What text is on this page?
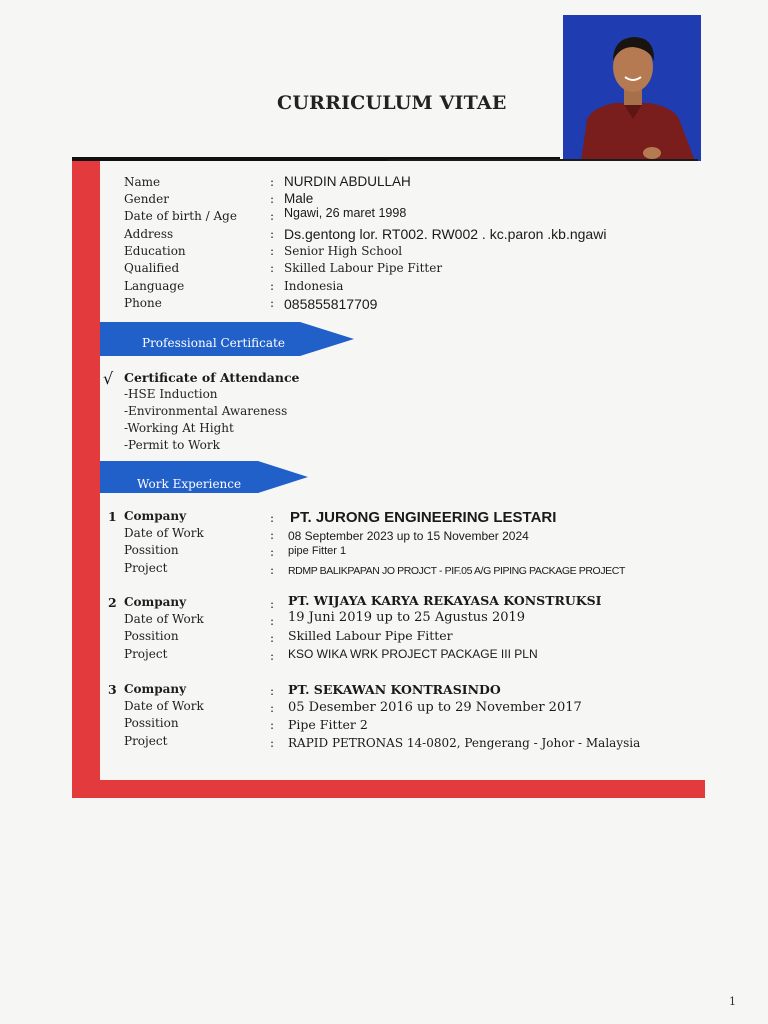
CURRICULUM VITAE
Name	: NURDIN ABDULLAH
Gender	: Male
Date of birth / Age	: Ngawi, 26 maret 1998
Address	: Ds.gentong lor. RT002. RW002 . kc.paron .kb.ngawi
Education	: Senior High School
Qualified	: Skilled Labour Pipe Fitter
Language	: Indonesia
Phone	: 085855817709
Professional Certificate
√ Certificate of Attendance
-HSE Induction
-Environmental Awareness
-Working At Hight
-Permit to Work
Work Experience
1 Company	: PT. JURONG ENGINEERING LESTARI
Date of Work	: 08 September 2023 up to 15 November 2024
Possition	: pipe Fitter 1
Project	: RDMP BALIKPAPAN JO PROJCT - PIF.05 A/G PIPING PACKAGE PROJECT
2 Company	: PT. WIJAYA KARYA REKAYASA KONSTRUKSI
Date of Work	: 19 Juni 2019 up to 25 Agustus 2019
Possition	: Skilled Labour Pipe Fitter
Project	: KSO WIKA WRK PROJECT PACKAGE III PLN
3 Company	: PT. SEKAWAN KONTRASINDO
Date of Work	: 05 Desember 2016 up to 29 November 2017
Possition	: Pipe Fitter 2
Project	: RAPID PETRONAS 14-0802, Pengerang - Johor - Malaysia
1
